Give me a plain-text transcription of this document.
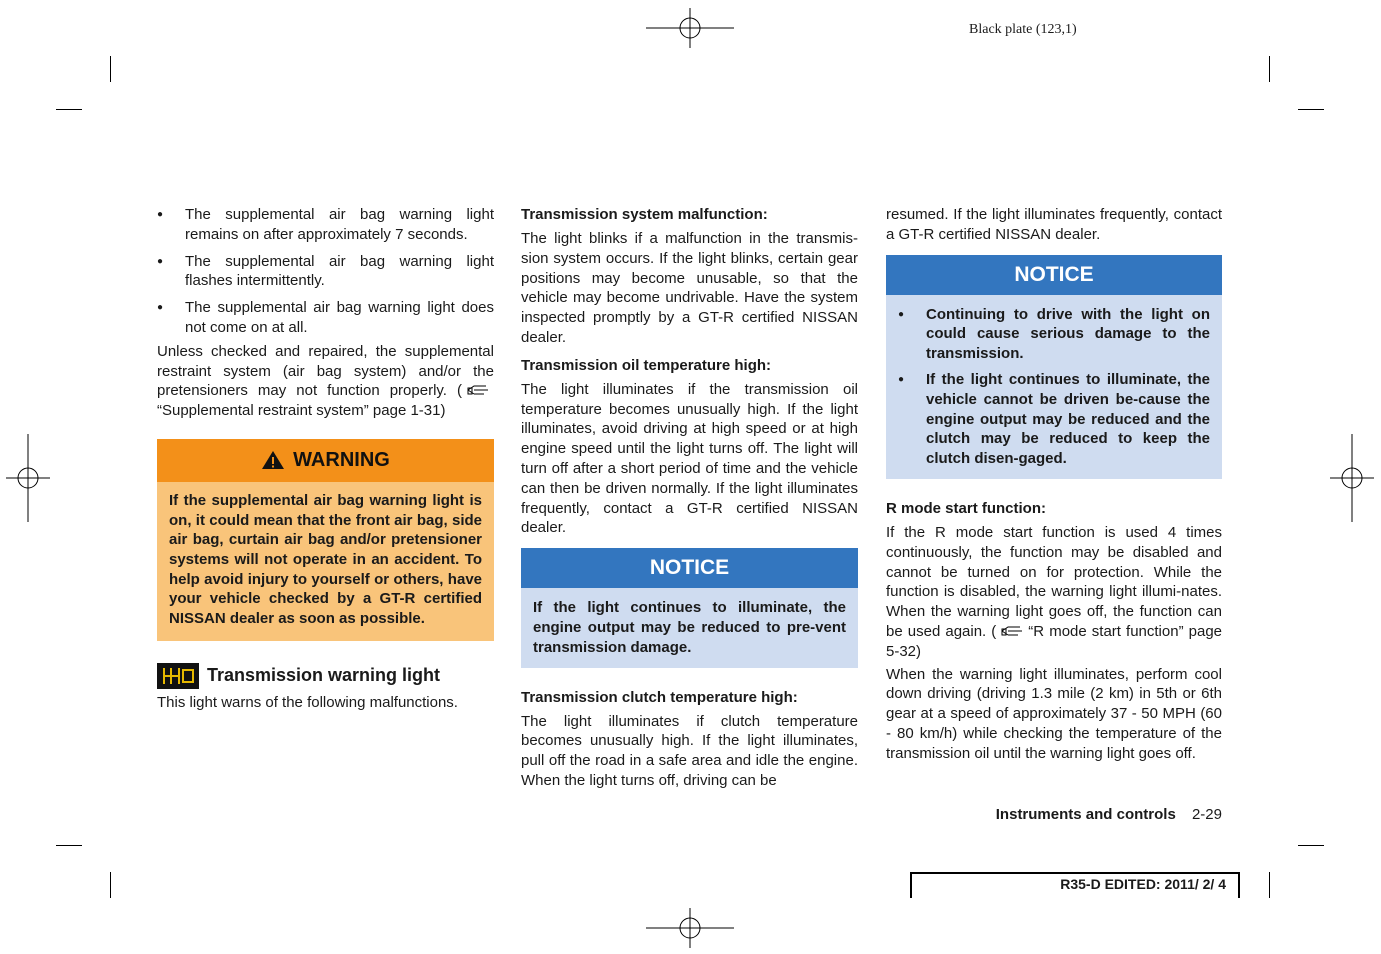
Black plate (123,1)
● The supplemental air bag warning light remains on after approximately 7 seconds.
● The supplemental air bag warning light flashes intermittently.
● The supplemental air bag warning light does not come on at all.

Unless checked and repaired, the supplemental restraint system (air bag system) and/or the pretensioners may not function properly. (“Supplemental restraint system” page 1-31)

WARNING
If the supplemental air bag warning light is on, it could mean that the front air bag, side air bag, curtain air bag and/or pretensioner systems will not operate in an accident. To help avoid injury to yourself or others, have your vehicle checked by a GT-R certified NISSAN dealer as soon as possible.
Transmission warning light

This light warns of the following malfunctions.

Transmission system malfunction:

The light blinks if a malfunction in the transmis-sion system occurs. If the light blinks, certain gear positions may become unusable, so that the vehicle may become undrivable. Have the system inspected promptly by a GT-R certified NISSAN dealer.

Transmission oil temperature high:

The light illuminates if the transmission oil temperature becomes unusually high. If the light illuminates, avoid driving at high speed or at high engine speed until the light turns off. The light will turn off after a short period of time and the vehicle can then be driven normally. If the light illuminates frequently, contact a GT-R certified NISSAN dealer.

NOTICE
If the light continues to illuminate, the engine output may be reduced to pre-vent transmission damage.

Transmission clutch temperature high:

The light illuminates if clutch temperature becomes unusually high. If the light illuminates, pull off the road in a safe area and idle the engine. When the light turns off, driving can be

resumed. If the light illuminates frequently, contact a GT-R certified NISSAN dealer.

NOTICE
● Continuing to drive with the light on could cause serious damage to the transmission.
● If the light continues to illuminate, the vehicle cannot be driven be-cause the engine output may be reduced and the clutch may be reduced to keep the clutch disen-gaged.

R mode start function:

If the R mode start function is used 4 times continuously, the function may be disabled and cannot be turned on for protection. While the function is disabled, the warning light illumi-nates. When the warning light goes off, the function can be used again. ( “R mode start function” page 5-32)

When the warning light illuminates, perform cool down driving (driving 1.3 mile (2 km) in 5th or 6th gear at a speed of approximately 37 - 50 MPH (60 - 80 km/h) while checking the temperature of the transmission oil until the warning light goes off.

Instruments and controls 2-29
R35-D EDITED: 2011/ 2/ 4
